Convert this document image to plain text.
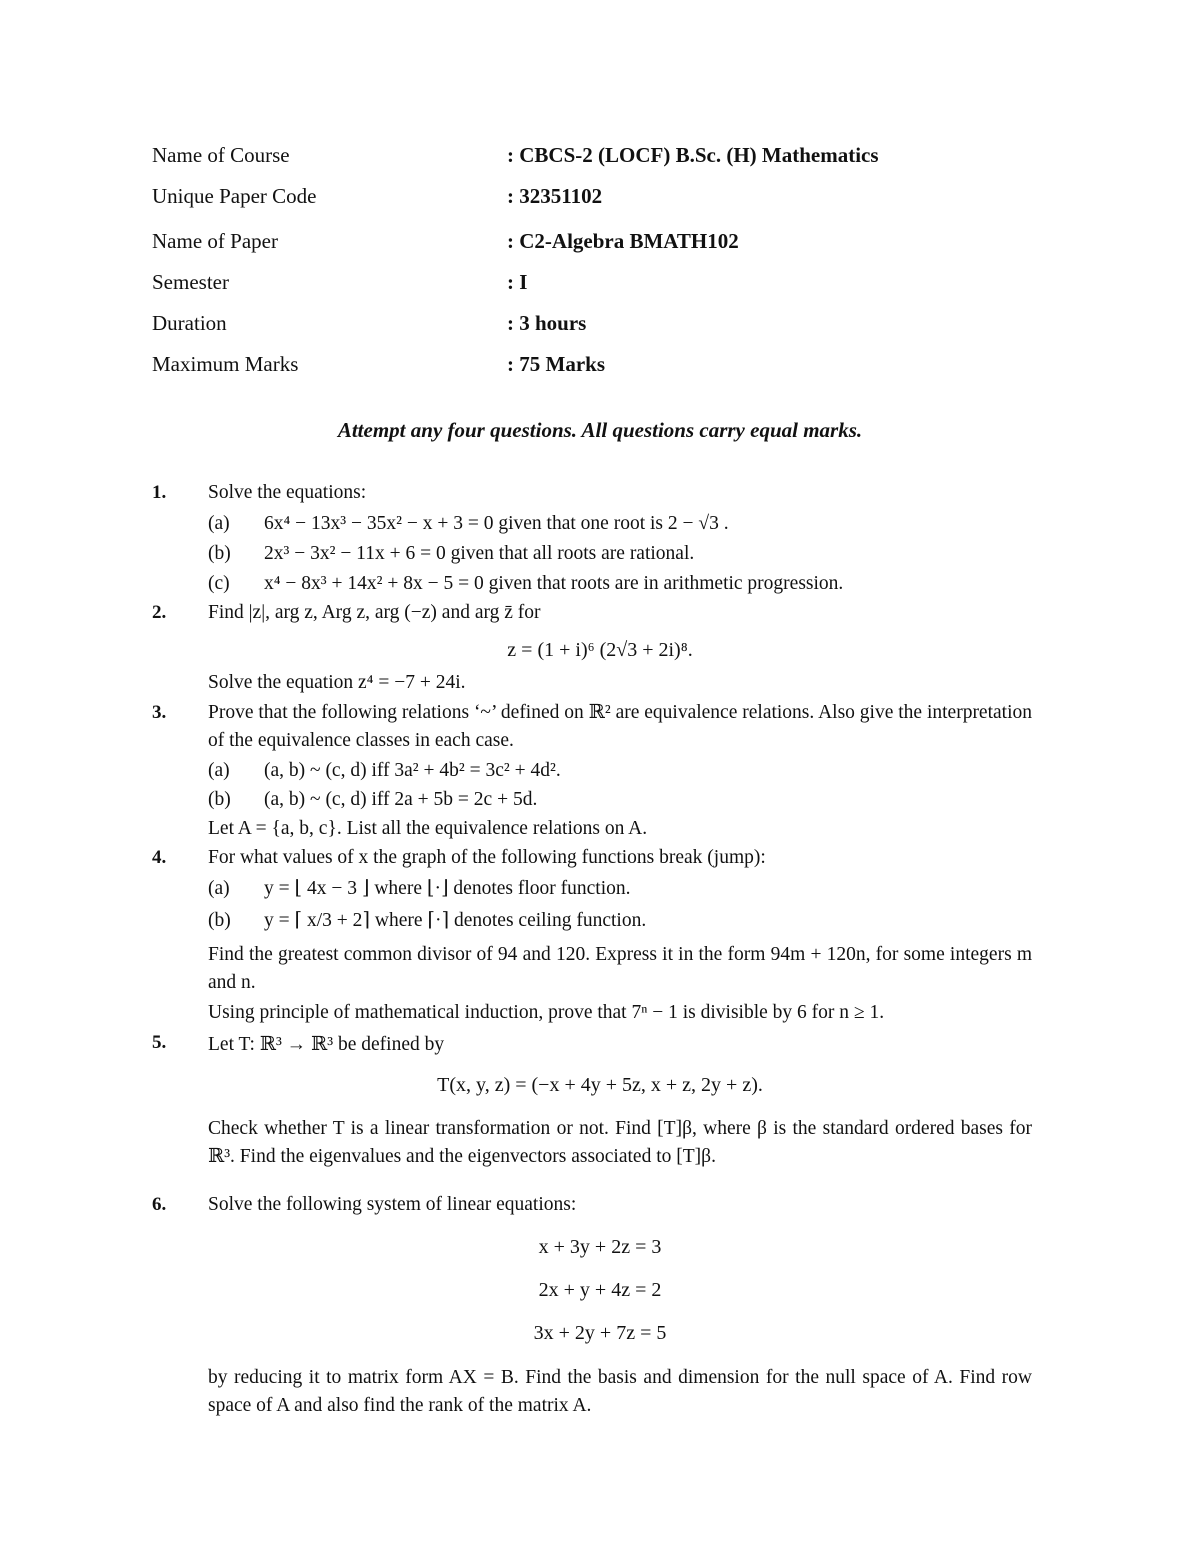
Name of Course	: CBCS-2 (LOCF) B.Sc. (H) Mathematics
Unique Paper Code	: 32351102
Name of Paper	: C2-Algebra BMATH102
Semester	: I
Duration	: 3 hours
Maximum Marks	: 75 Marks
Attempt any four questions. All questions carry equal marks.
1. Solve the equations:
(a) 6x⁴ − 13x³ − 35x² − x + 3 = 0 given that one root is 2 − √3 .
(b) 2x³ − 3x² − 11x + 6 = 0 given that all roots are rational.
(c) x⁴ − 8x³ + 14x² + 8x − 5 = 0 given that roots are in arithmetic progression.
2. Find |z|, arg z, Arg z, arg (−z) and arg z̄ for
z = (1 + i)⁶ (2√3 + 2i)⁸.
Solve the equation z⁴ = −7 + 24i.
3. Prove that the following relations ‘~’ defined on ℝ² are equivalence relations. Also give the interpretation of the equivalence classes in each case.
(a) (a, b) ~ (c, d) iff 3a² + 4b² = 3c² + 4d².
(b) (a, b) ~ (c, d) iff 2a + 5b = 2c + 5d.
Let A = {a, b, c}. List all the equivalence relations on A.
4. For what values of x the graph of the following functions break (jump):
(a) y = ⌊ 4x − 3 ⌋ where ⌊·⌋ denotes floor function.
(b) y = ⌈ x/3 + 2⌉ where ⌈·⌉ denotes ceiling function.
Find the greatest common divisor of 94 and 120. Express it in the form 94m + 120n, for some integers m and n.
Using principle of mathematical induction, prove that 7ⁿ − 1 is divisible by 6 for n ≥ 1.
5. Let T: ℝ³ → ℝ³ be defined by
T(x, y, z) = (−x + 4y + 5z, x + z, 2y + z).
Check whether T is a linear transformation or not. Find [T]β, where β is the standard ordered bases for ℝ³. Find the eigenvalues and the eigenvectors associated to [T]β.
6. Solve the following system of linear equations:
x + 3y + 2z = 3
2x + y + 4z = 2
3x + 2y + 7z = 5
by reducing it to matrix form AX = B. Find the basis and dimension for the null space of A. Find row space of A and also find the rank of the matrix A.
